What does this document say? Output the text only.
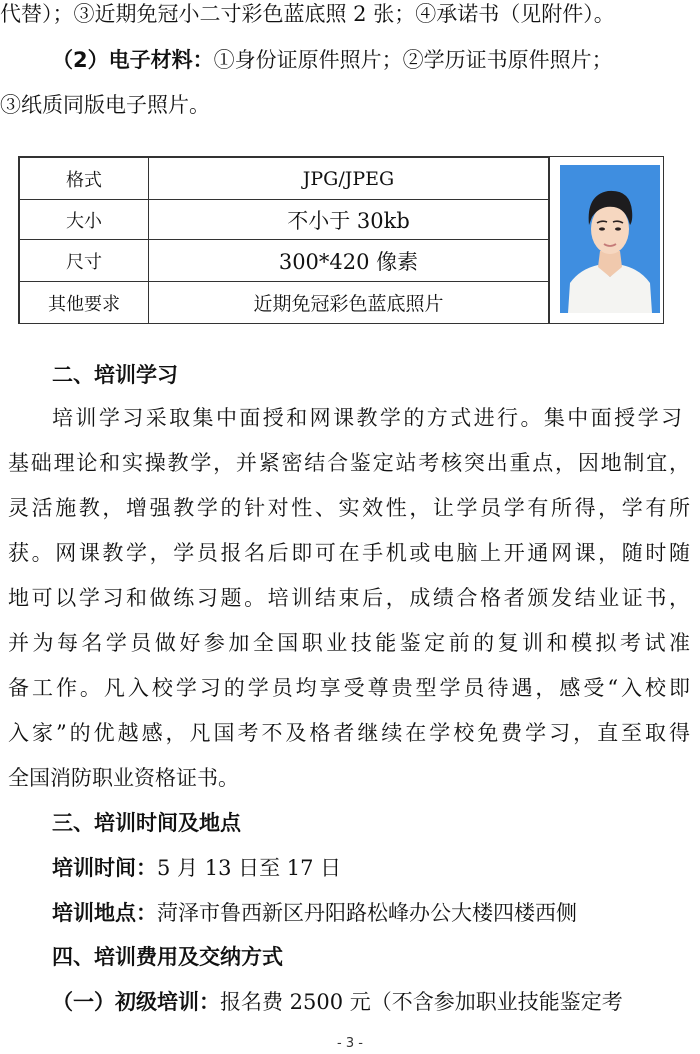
代替）；③近期免冠小二寸彩色蓝底照 2 张；④承诺书（见附件）。
（2）电子材料：①身份证原件照片；②学历证书原件照片；
③纸质同版电子照片。
格式	JPG/JPEG
大小	不小于 30kb
尺寸	300*420 像素
其他要求	近期免冠彩色蓝底照片
二、培训学习
培训学习采取集中面授和网课教学的方式进行。集中面授学习
基础理论和实操教学，并紧密结合鉴定站考核突出重点，因地制宜，
灵活施教，增强教学的针对性、实效性，让学员学有所得，学有所
获。网课教学，学员报名后即可在手机或电脑上开通网课，随时随
地可以学习和做练习题。培训结束后，成绩合格者颁发结业证书，
并为每名学员做好参加全国职业技能鉴定前的复训和模拟考试准
备工作。凡入校学习的学员均享受尊贵型学员待遇，感受“入校即
入家”的优越感，凡国考不及格者继续在学校免费学习，直至取得
全国消防职业资格证书。
三、培训时间及地点
培训时间：5 月 13 日至 17 日
培训地点：菏泽市鲁西新区丹阳路松峰办公大楼四楼西侧
四、培训费用及交纳方式
（一）初级培训：报名费 2500 元（不含参加职业技能鉴定考
- 3 -
